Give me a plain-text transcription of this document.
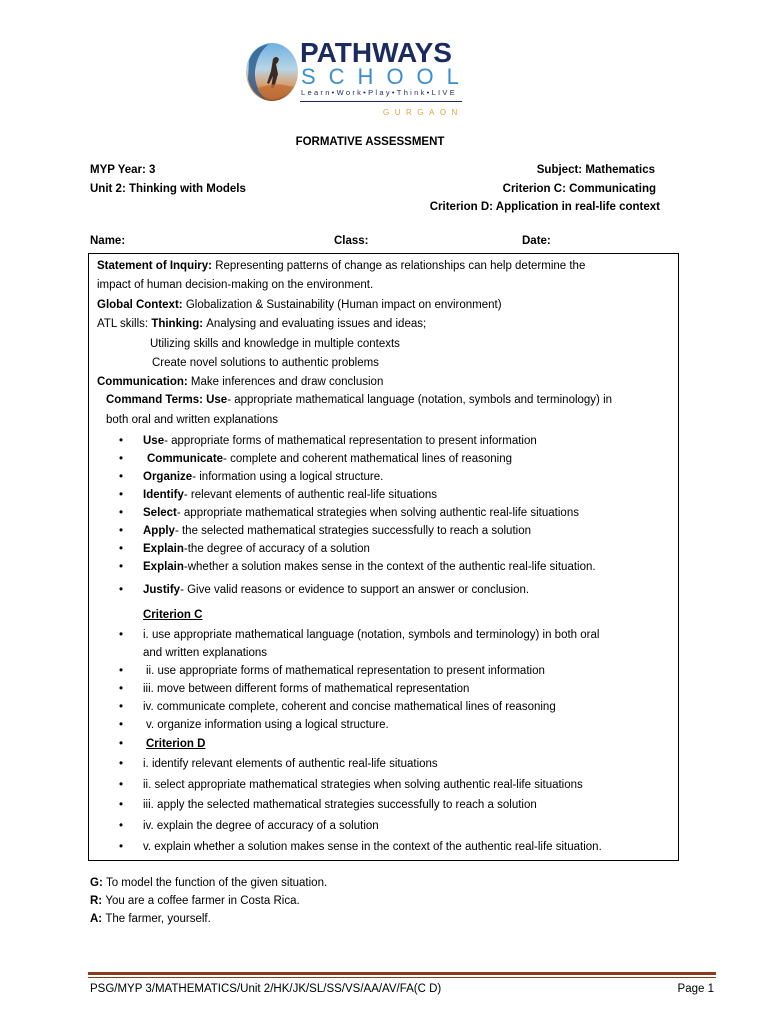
PATHWAYS
SCHOOL
Learn•Work•Play•Think•LIVE
GURGAON
FORMATIVE ASSESSMENT
MYP Year: 3
Unit 2: Thinking with Models
Subject: Mathematics
Criterion C: Communicating
Criterion D: Application in real-life context
Name:	Class:	Date:
Statement of Inquiry: Representing patterns of change as relationships can help determine the
impact of human decision-making on the environment.
Global Context: Globalization & Sustainability (Human impact on environment)
ATL skills: Thinking: Analysing and evaluating issues and ideas;
Utilizing skills and knowledge in multiple contexts
Create novel solutions to authentic problems
Communication: Make inferences and draw conclusion
Command Terms: Use- appropriate mathematical language (notation, symbols and terminology) in
both oral and written explanations
•
Use- appropriate forms of mathematical representation to present information
•
Communicate- complete and coherent mathematical lines of reasoning
•
Organize- information using a logical structure.
•
Identify- relevant elements of authentic real-life situations
•
Select- appropriate mathematical strategies when solving authentic real-life situations
•
Apply- the selected mathematical strategies successfully to reach a solution
•
Explain-the degree of accuracy of a solution
•
Explain-whether a solution makes sense in the context of the authentic real-life situation.
•
Justify- Give valid reasons or evidence to support an answer or conclusion.
Criterion C
•
i. use appropriate mathematical language (notation, symbols and terminology) in both oral
and written explanations
•
ii. use appropriate forms of mathematical representation to present information
•
iii. move between different forms of mathematical representation
•
iv. communicate complete, coherent and concise mathematical lines of reasoning
•
v. organize information using a logical structure.
•
Criterion D
•
i. identify relevant elements of authentic real-life situations
•
ii. select appropriate mathematical strategies when solving authentic real-life situations
•
iii. apply the selected mathematical strategies successfully to reach a solution
•
iv. explain the degree of accuracy of a solution
•
v. explain whether a solution makes sense in the context of the authentic real-life situation.
G: To model the function of the given situation.
R: You are a coffee farmer in Costa Rica.
A: The farmer, yourself.
PSG/MYP 3/MATHEMATICS/Unit 2/HK/JK/SL/SS/VS/AA/AV/FA(C D)	Page 1
